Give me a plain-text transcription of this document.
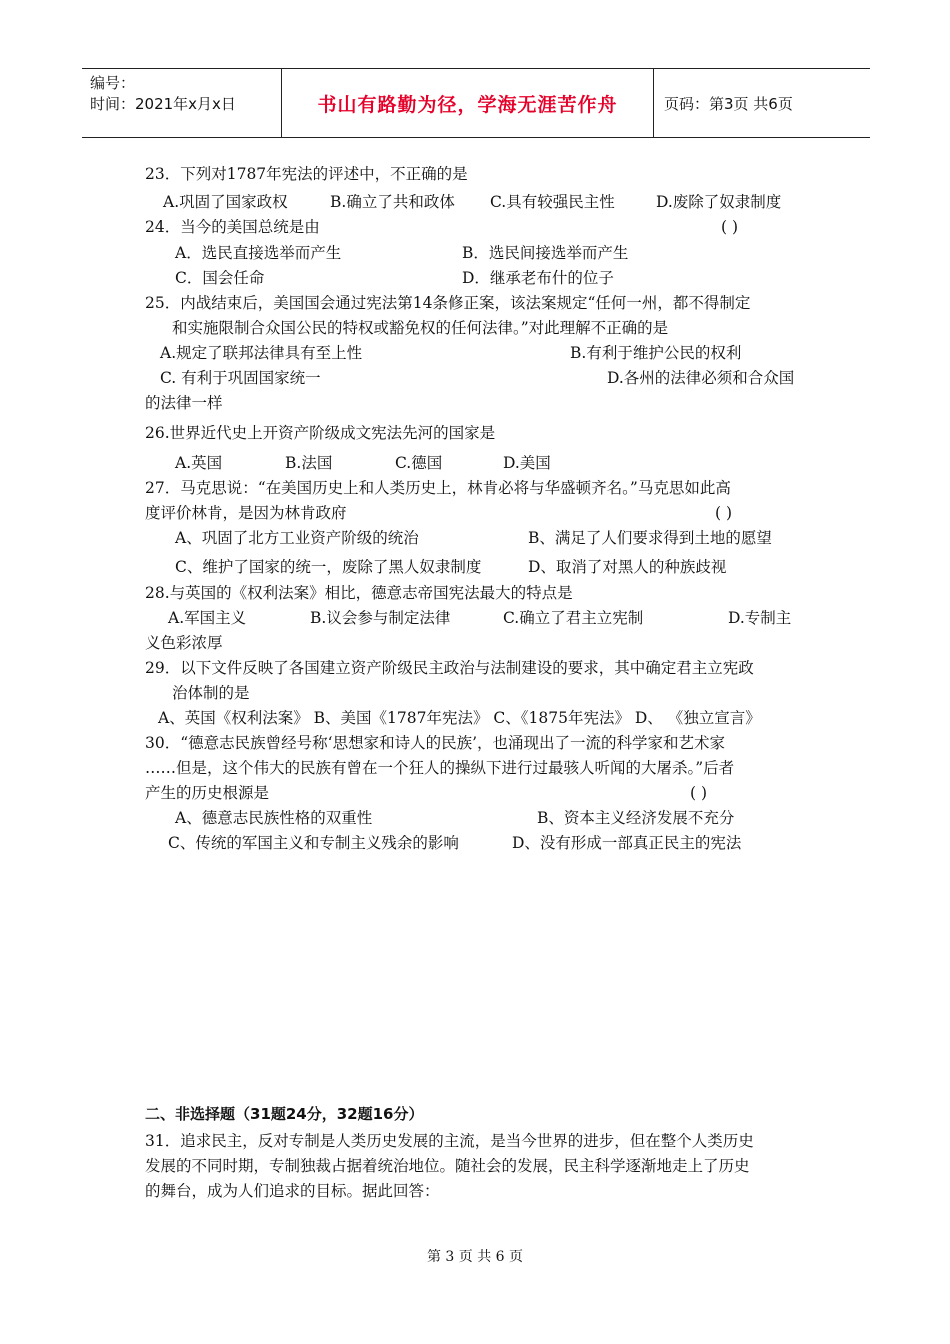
编号：
时间：2021年x月x日	书山有路勤为径，学海无涯苦作舟	页码：第3页 共6页
二、非选择题（31题24分，32题16分）
23．下列对1787年宪法的评述中，不正确的是
A.巩固了国家政权	B.确立了共和政体 C.具有较强民主性	D.废除了奴隶制度
24．当今的美国总统是由	( )
A．选民直接选举而产生	B．选民间接选举而产生
C．国会任命	D．继承老布什的位子
25．内战结束后，美国国会通过宪法第14条修正案，该法案规定“任何一州，都不得制定
和实施限制合众国公民的特权或豁免权的任何法律。”对此理解不正确的是
A.规定了联邦法律具有至上性	B.有利于维护公民的权利
C. 有利于巩固国家统一	D.各州的法律必须和合众国
的法律一样
26.世界近代史上开资产阶级成文宪法先河的国家是
A.英国	B.法国	C.德国	D.美国
27．马克思说：“在美国历史上和人类历史上，林肯必将与华盛顿齐名。”马克思如此高
度评价林肯，是因为林肯政府	( )
A、巩固了北方工业资产阶级的统治	B、满足了人们要求得到土地的愿望
C、维护了国家的统一，废除了黑人奴隶制度	D、取消了对黑人的种族歧视
28.与英国的《权利法案》相比，德意志帝国宪法最大的特点是
A.军国主义	B.议会参与制定法律	C.确立了君主立宪制	D.专制主
义色彩浓厚
29．以下文件反映了各国建立资产阶级民主政治与法制建设的要求，其中确定君主立宪政
治体制的是
A、英国《权利法案》 B、美国《1787年宪法》 C、《1875年宪法》 D、 《独立宣言》
30．“德意志民族曾经号称‘思想家和诗人的民族’，也涌现出了一流的科学家和艺术家
……但是，这个伟大的民族有曾在一个狂人的操纵下进行过最骇人听闻的大屠杀。”后者
产生的历史根源是	( )
A、德意志民族性格的双重性	B、资本主义经济发展不充分
C、传统的军国主义和专制主义残余的影响	D、没有形成一部真正民主的宪法
31．追求民主，反对专制是人类历史发展的主流，是当今世界的进步，但在整个人类历史
发展的不同时期，专制独裁占据着统治地位。随社会的发展，民主科学逐渐地走上了历史
的舞台，成为人们追求的目标。据此回答：
第 3 页 共 6 页
